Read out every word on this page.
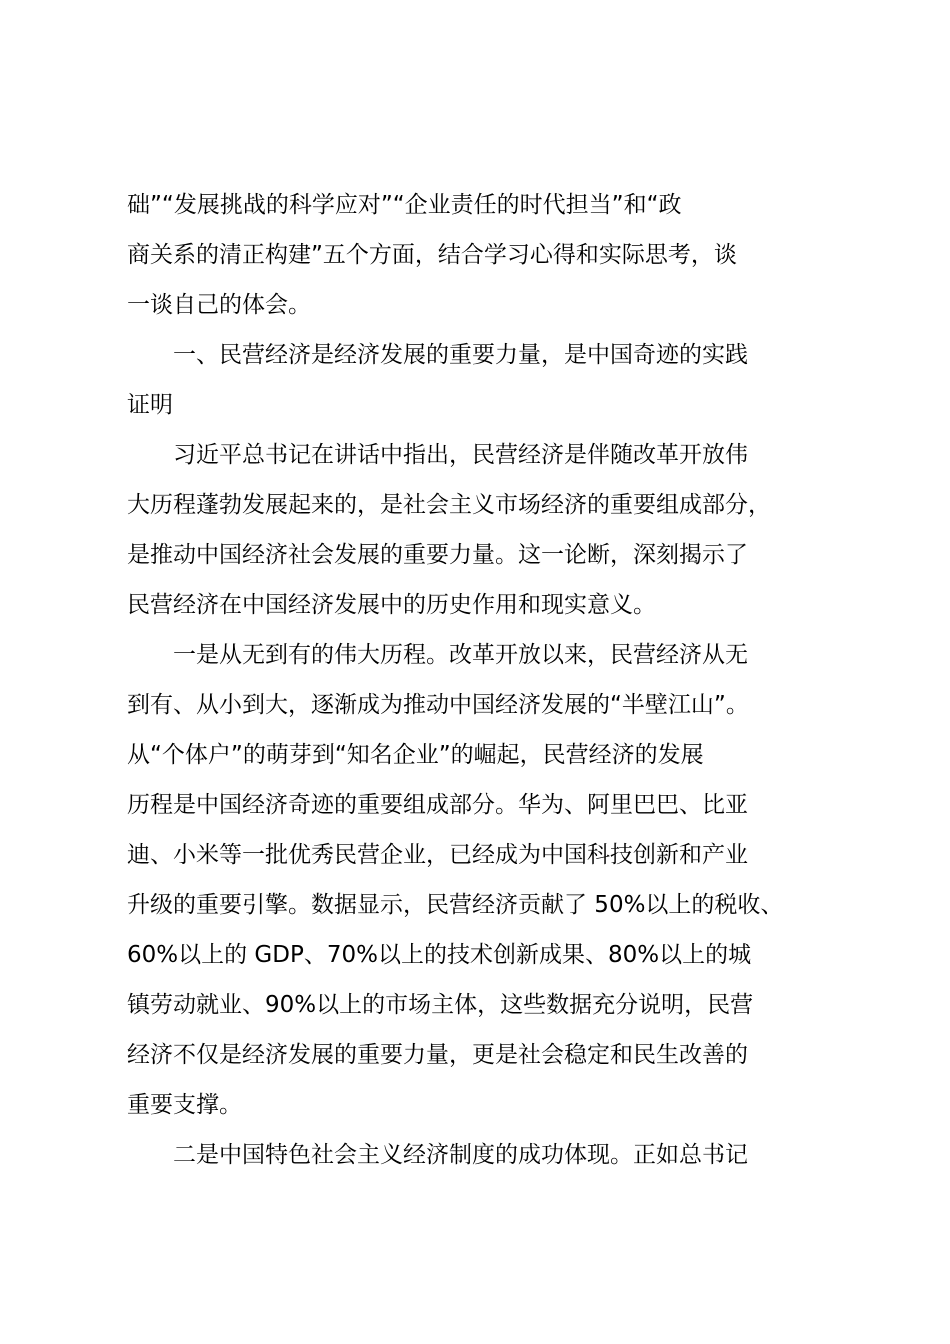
础”“发展挑战的科学应对”“企业责任的时代担当”和“政
商关系的清正构建”五个方面，结合学习心得和实际思考，谈
一谈自己的体会。
　　一、民营经济是经济发展的重要力量，是中国奇迹的实践
证明
　　习近平总书记在讲话中指出，民营经济是伴随改革开放伟
大历程蓬勃发展起来的，是社会主义市场经济的重要组成部分，
是推动中国经济社会发展的重要力量。这一论断，深刻揭示了
民营经济在中国经济发展中的历史作用和现实意义。
　　一是从无到有的伟大历程。改革开放以来，民营经济从无
到有、从小到大，逐渐成为推动中国经济发展的“半壁江山”。
从“个体户”的萌芽到“知名企业”的崛起，民营经济的发展
历程是中国经济奇迹的重要组成部分。华为、阿里巴巴、比亚
迪、小米等一批优秀民营企业，已经成为中国科技创新和产业
升级的重要引擎。数据显示，民营经济贡献了 50%以上的税收、
60%以上的 GDP、70%以上的技术创新成果、80%以上的城
镇劳动就业、90%以上的市场主体，这些数据充分说明，民营
经济不仅是经济发展的重要力量，更是社会稳定和民生改善的
重要支撑。
　　二是中国特色社会主义经济制度的成功体现。正如总书记
